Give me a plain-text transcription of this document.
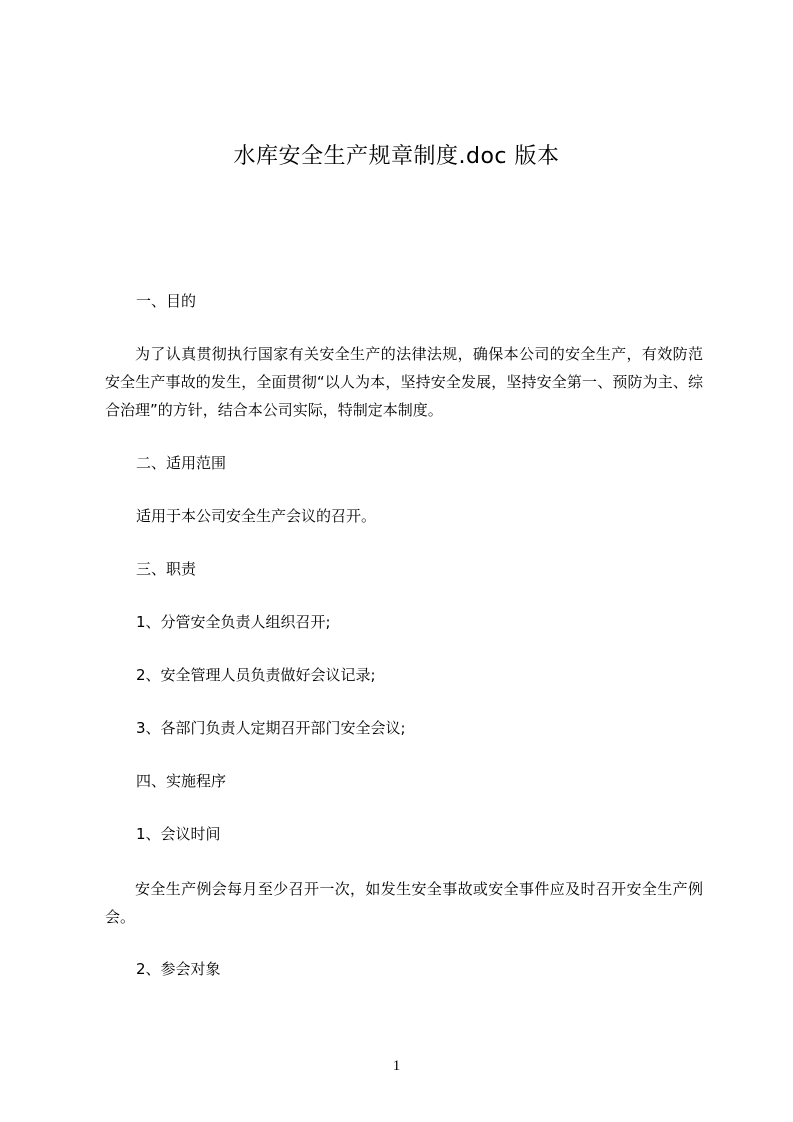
水库安全生产规章制度.doc 版本
一、目的
为了认真贯彻执行国家有关安全生产的法律法规，确保本公司的安全生产，有效防范安全生产事故的发生，全面贯彻“以人为本，坚持安全发展，坚持安全第一、预防为主、综合治理”的方针，结合本公司实际，特制定本制度。
二、适用范围
适用于本公司安全生产会议的召开。
三、职责
1、分管安全负责人组织召开;
2、安全管理人员负责做好会议记录;
3、各部门负责人定期召开部门安全会议;
四、实施程序
1、会议时间
安全生产例会每月至少召开一次，如发生安全事故或安全事件应及时召开安全生产例会。
2、参会对象
1
